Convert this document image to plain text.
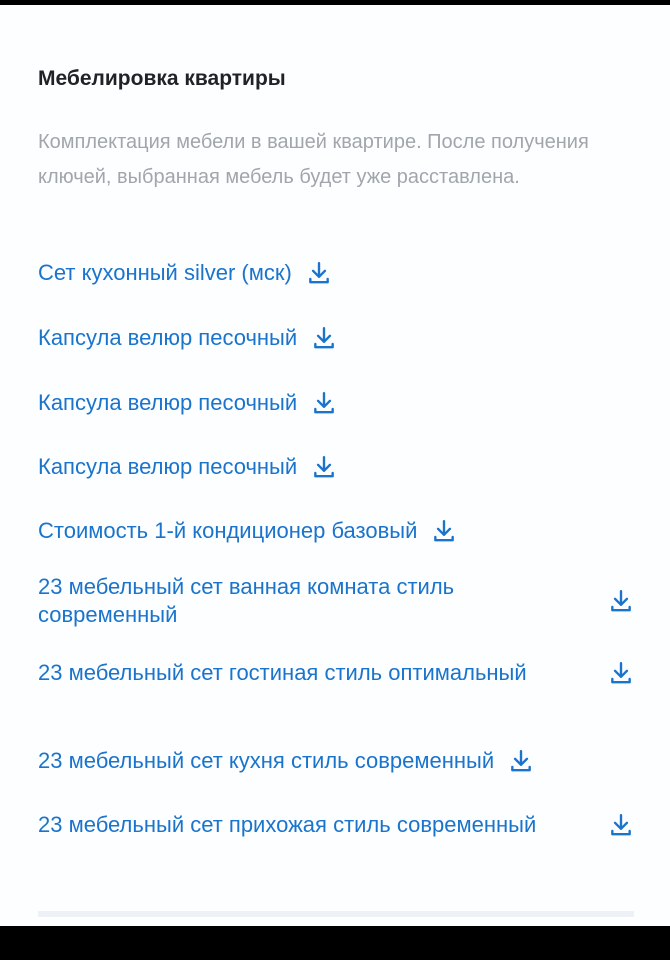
Мебелировка квартиры

Комплектация мебели в вашей квартире. После получения ключей, выбранная мебель будет уже расставлена.

Сет кухонный silver (мск)
Капсула велюр песочный
Капсула велюр песочный
Капсула велюр песочный
Стоимость 1-й кондиционер базовый
23 мебельный сет ванная комната стиль современный
23 мебельный сет гостиная стиль оптимальный
23 мебельный сет кухня стиль современный
23 мебельный сет прихожая стиль современный
